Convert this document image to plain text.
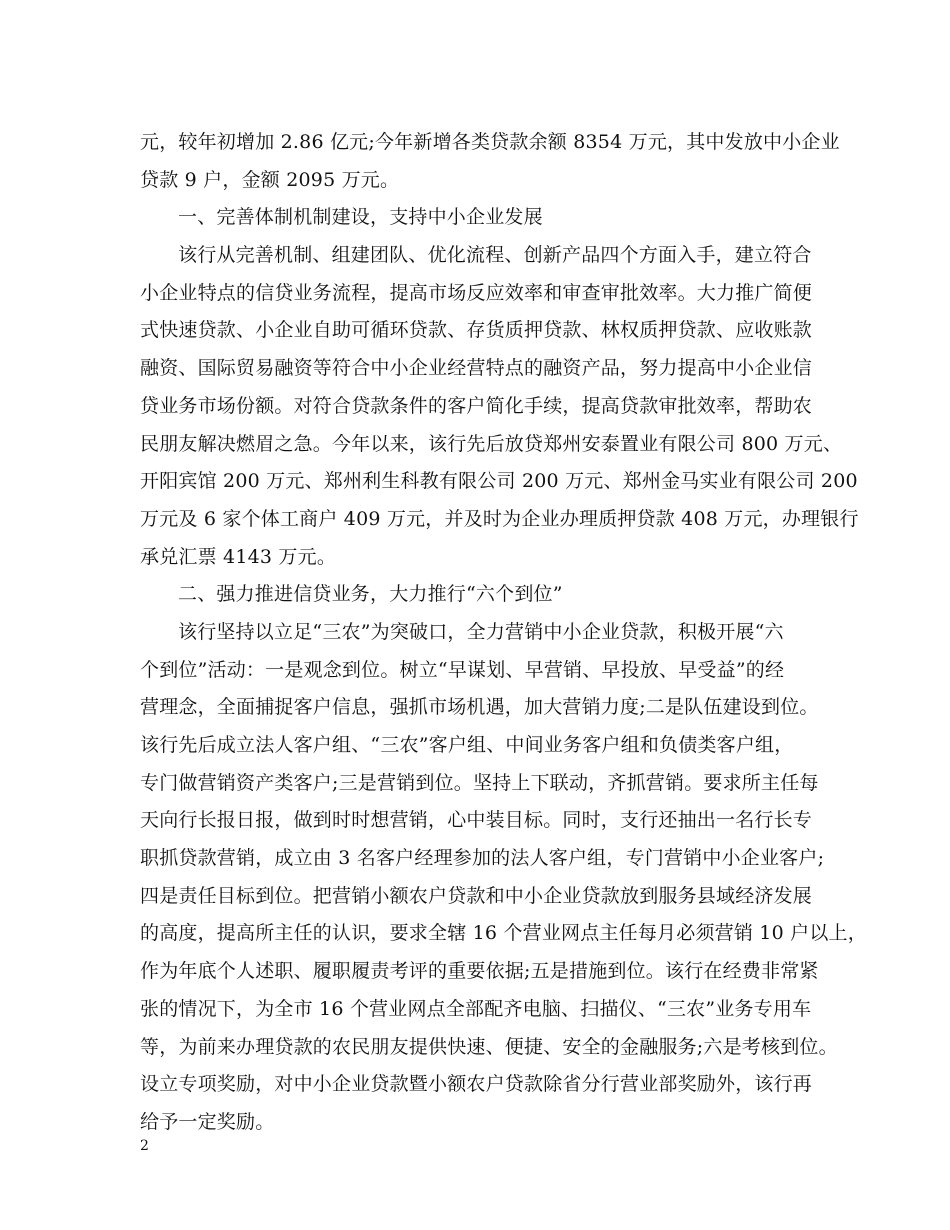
元，较年初增加 2.86 亿元;今年新增各类贷款余额 8354 万元，其中发放中小企业
贷款 9 户，金额 2095 万元。
一、完善体制机制建设，支持中小企业发展
该行从完善机制、组建团队、优化流程、创新产品四个方面入手，建立符合
小企业特点的信贷业务流程，提高市场反应效率和审查审批效率。大力推广简便
式快速贷款、小企业自助可循环贷款、存货质押贷款、林权质押贷款、应收账款
融资、国际贸易融资等符合中小企业经营特点的融资产品，努力提高中小企业信
贷业务市场份额。对符合贷款条件的客户简化手续，提高贷款审批效率，帮助农
民朋友解决燃眉之急。今年以来，该行先后放贷郑州安泰置业有限公司 800 万元、
开阳宾馆 200 万元、郑州利生科教有限公司 200 万元、郑州金马实业有限公司 200
万元及 6 家个体工商户 409 万元，并及时为企业办理质押贷款 408 万元，办理银行
承兑汇票 4143 万元。
二、强力推进信贷业务，大力推行“六个到位”
该行坚持以立足“三农”为突破口，全力营销中小企业贷款，积极开展“六
个到位”活动：一是观念到位。树立“早谋划、早营销、早投放、早受益”的经
营理念，全面捕捉客户信息，强抓市场机遇，加大营销力度;二是队伍建设到位。
该行先后成立法人客户组、“三农”客户组、中间业务客户组和负债类客户组，
专门做营销资产类客户;三是营销到位。坚持上下联动，齐抓营销。要求所主任每
天向行长报日报，做到时时想营销，心中装目标。同时，支行还抽出一名行长专
职抓贷款营销，成立由 3 名客户经理参加的法人客户组，专门营销中小企业客户;
四是责任目标到位。把营销小额农户贷款和中小企业贷款放到服务县域经济发展
的高度，提高所主任的认识，要求全辖 16 个营业网点主任每月必须营销 10 户以上，
作为年底个人述职、履职履责考评的重要依据;五是措施到位。该行在经费非常紧
张的情况下，为全市 16 个营业网点全部配齐电脑、扫描仪、“三农”业务专用车
等，为前来办理贷款的农民朋友提供快速、便捷、安全的金融服务;六是考核到位。
设立专项奖励，对中小企业贷款暨小额农户贷款除省分行营业部奖励外，该行再
给予一定奖励。
2
